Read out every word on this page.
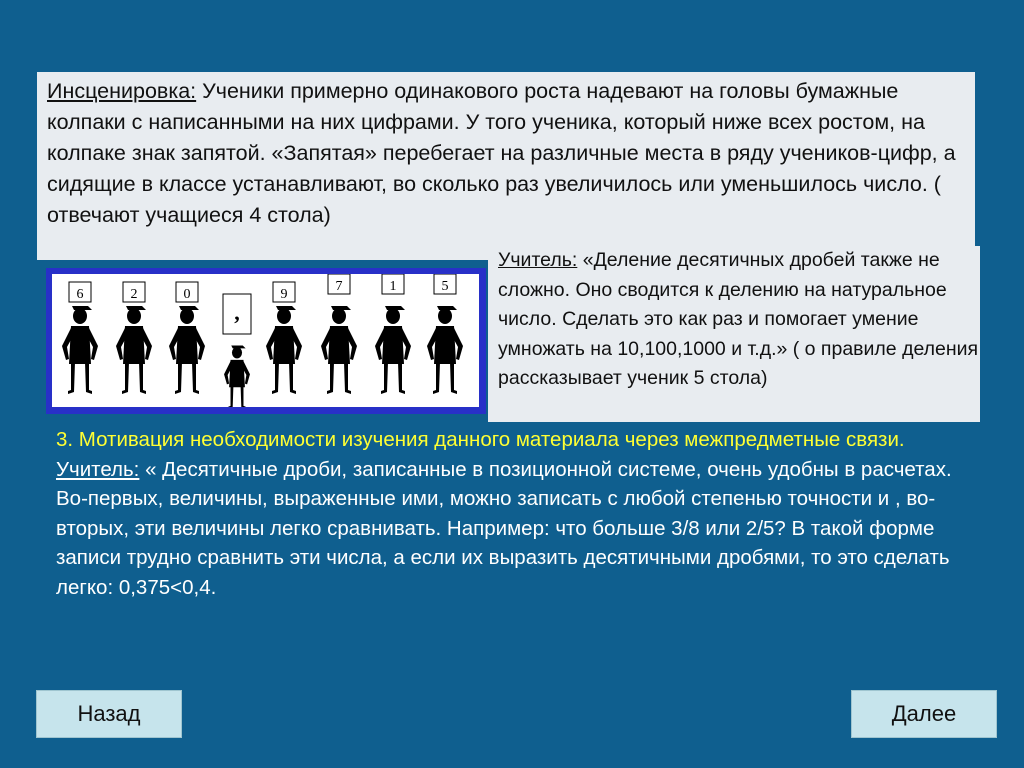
Инсценировка: Ученики примерно одинакового роста надевают на головы бумажные колпаки с написанными на них цифрами. У того ученика, который ниже всех ростом, на колпаке знак запятой. «Запятая» перебегает на различные места в ряду учеников-цифр, а сидящие в классе устанавливают, во сколько раз увеличилось или уменьшилось число. ( отвечают учащиеся 4 стола)
6	2	0
,
9
7	1	5
Учитель: «Деление десятичных дробей также не сложно. Оно сводится к делению на натуральное число. Сделать это как раз и помогает умение умножать на 10,100,1000 и т.д.» ( о правиле деления рассказывает ученик 5 стола)
3. Мотивация необходимости изучения данного материала через межпредметные связи.
Учитель: « Десятичные дроби, записанные в позиционной системе, очень удобны в расчетах. Во-первых, величины, выраженные ими, можно записать с любой степенью точности и , во-вторых, эти величины легко сравнивать. Например: что больше 3/8 или 2/5? В такой форме записи трудно сравнить эти числа, а если их выразить десятичными дробями, то это сделать легко: 0,375<0,4.
Назад	Далее
